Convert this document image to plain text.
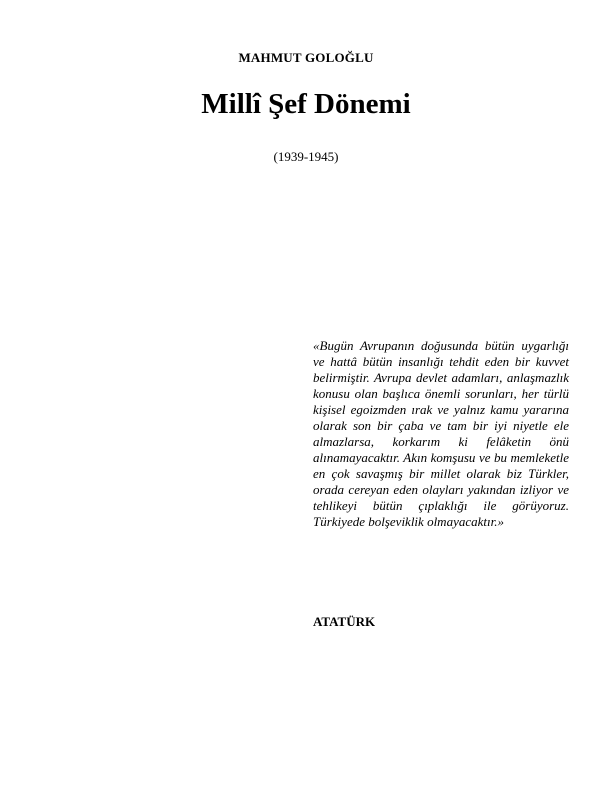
MAHMUT GOLOĞLU
Millî Şef Dönemi
(1939-1945)

«Bugün Avrupanın doğusunda bütün uygarlığı ve hattâ bütün insanlığı tehdit eden bir kuvvet belirmiştir. Avrupa devlet adamları, anlaşmazlık konusu olan başlıca önemli sorunları, her türlü kişisel egoizmden ırak ve yalnız kamu yararına olarak son bir çaba ve tam bir iyi niyetle ele almazlarsa, korkarım ki felâketin önü alınamayacaktır. Akın komşusu ve bu memleketle en çok savaşmış bir millet olarak biz Türkler, orada cereyan eden olayları yakından izliyor ve tehlikeyi bütün çıplaklığı ile görüyoruz. Türkiyede bolşeviklik olmayacaktır.»

ATATÜRK
